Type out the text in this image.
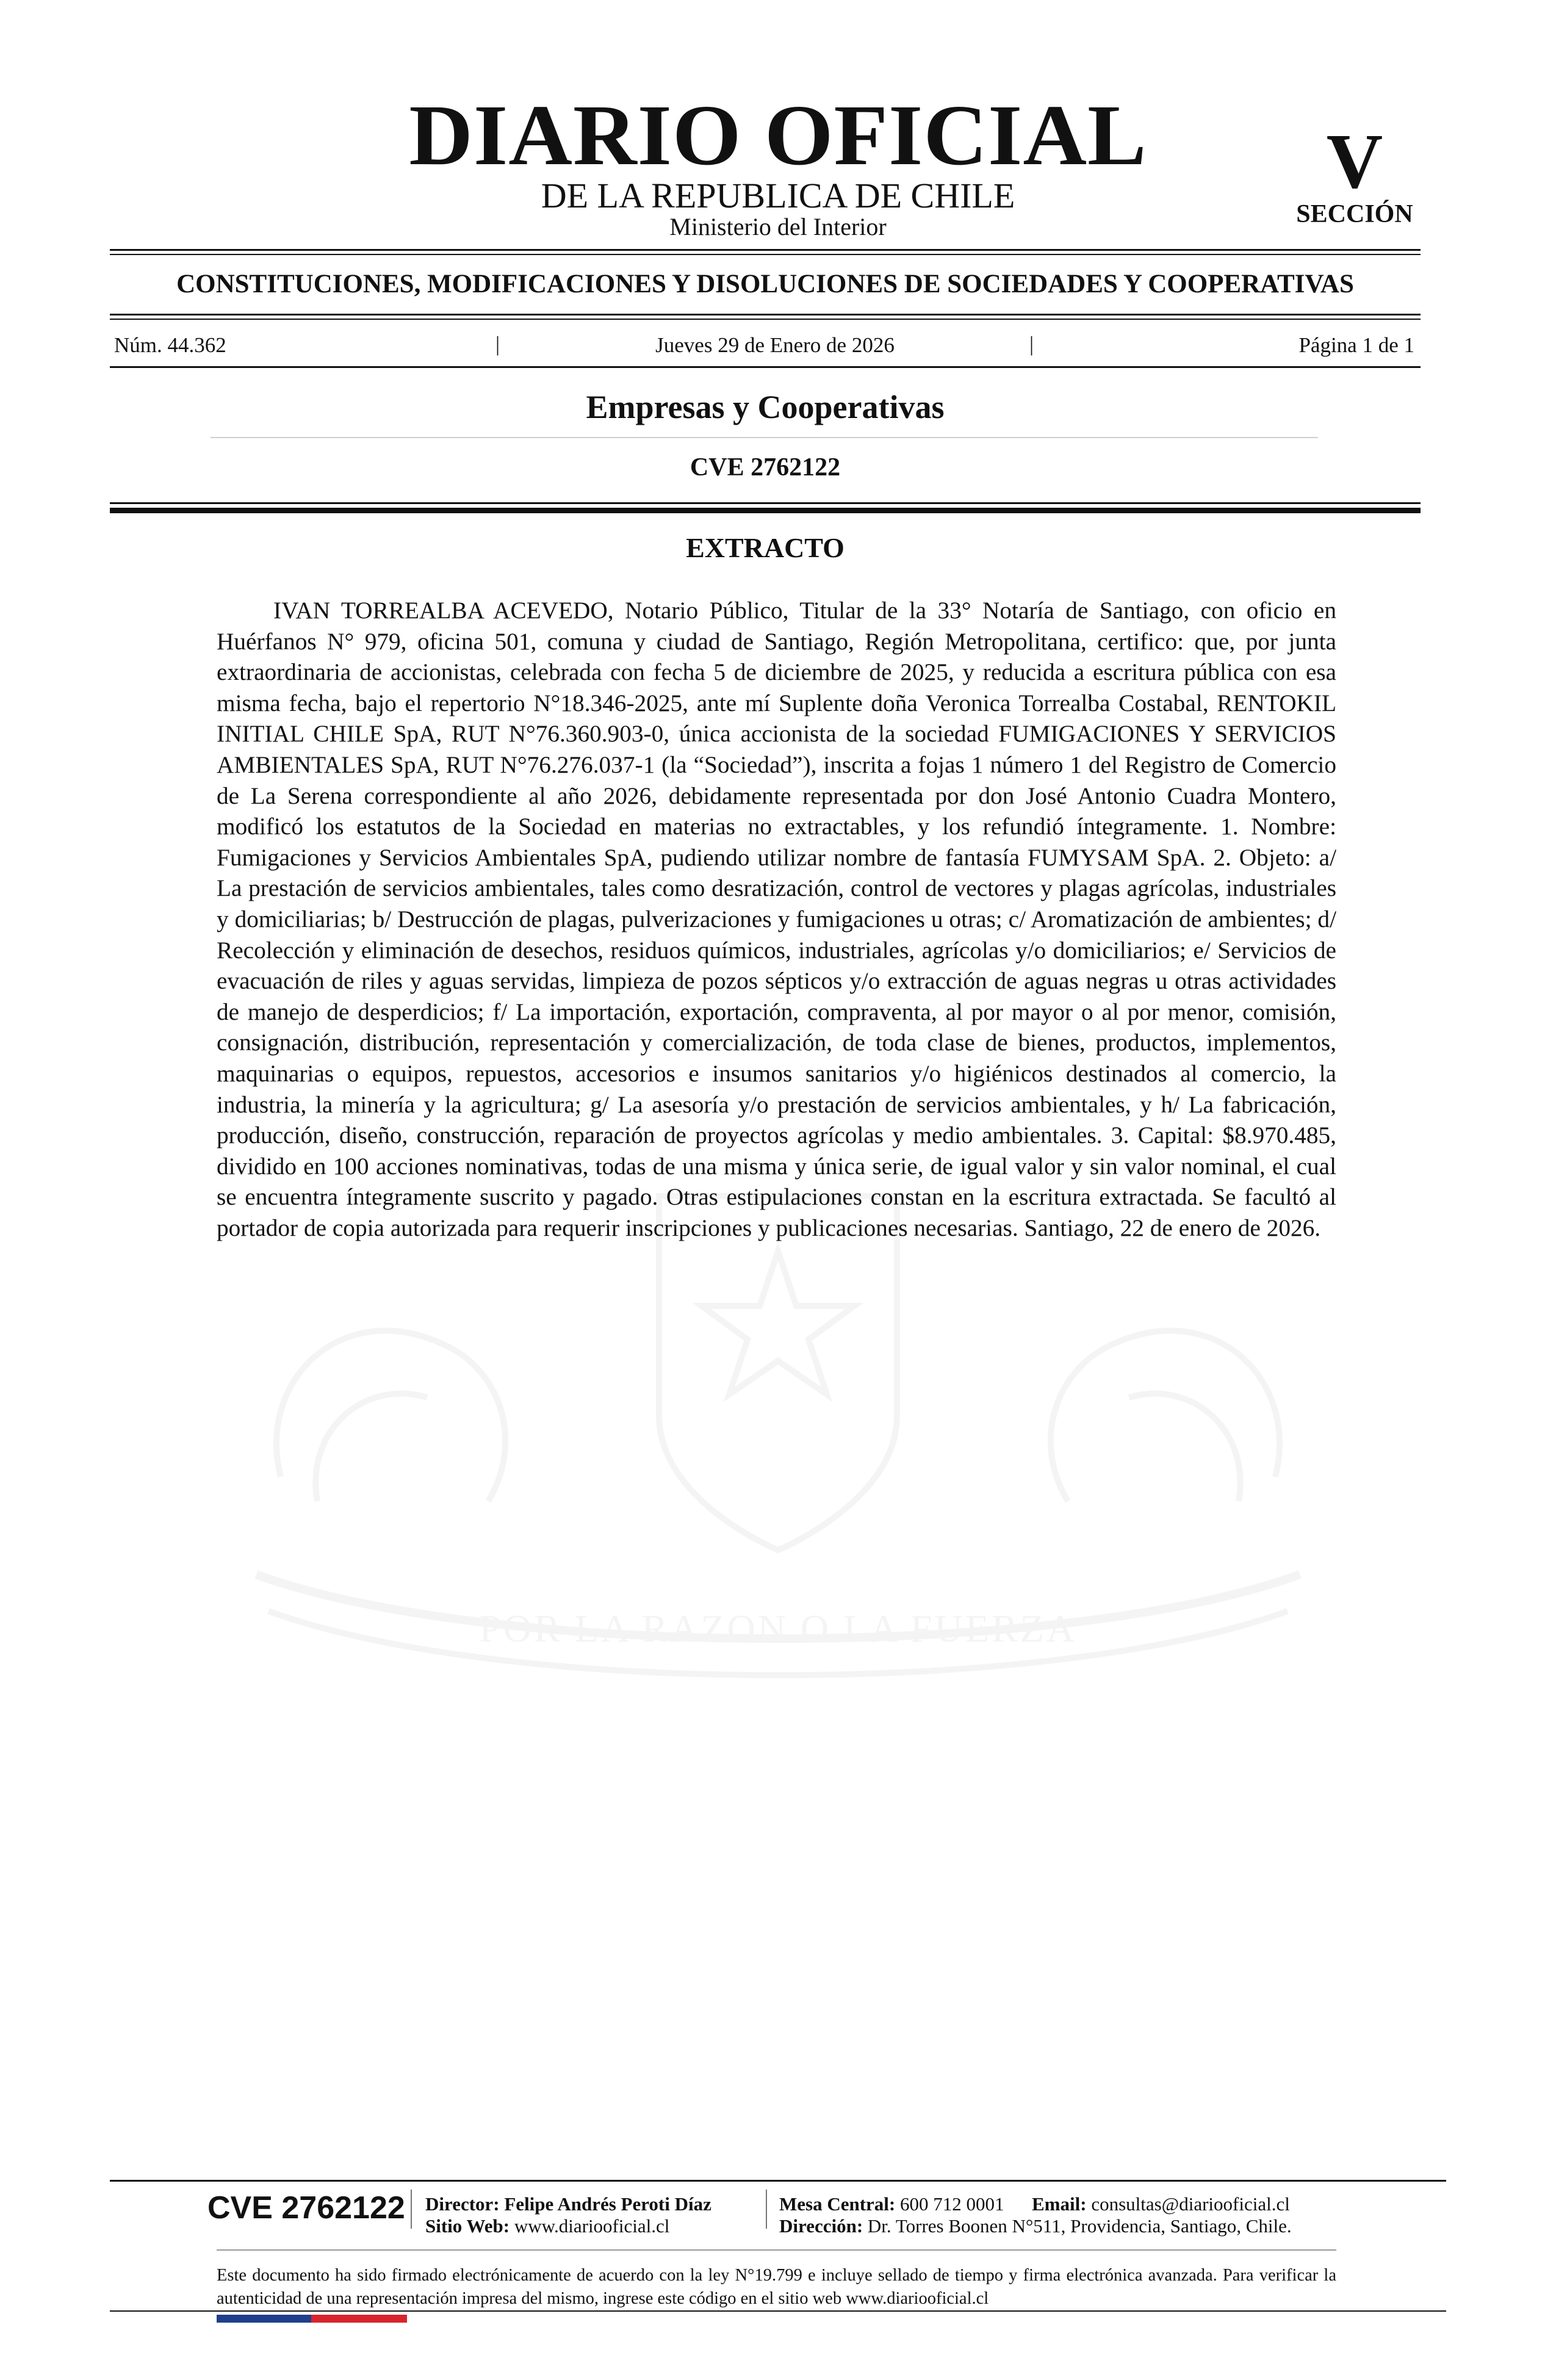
DIARIO OFICIAL
DE LA REPUBLICA DE CHILE
Ministerio del Interior
V
SECCIÓN
CONSTITUCIONES, MODIFICACIONES Y DISOLUCIONES DE SOCIEDADES Y COOPERATIVAS
Núm. 44.362	|	Jueves 29 de Enero de 2026	|	Página 1 de 1
Empresas y Cooperativas
CVE 2762122
EXTRACTO
POR LA RAZON O LA FUERZA
IVAN TORREALBA ACEVEDO, Notario Público, Titular de la 33° Notaría de Santiago, con oficio en Huérfanos N° 979, oficina 501, comuna y ciudad de Santiago, Región Metropolitana, certifico: que, por junta extraordinaria de accionistas, celebrada con fecha 5 de diciembre de 2025, y reducida a escritura pública con esa misma fecha, bajo el repertorio N°18.346-2025, ante mí Suplente doña Veronica Torrealba Costabal, RENTOKIL INITIAL CHILE SpA, RUT N°76.360.903-0, única accionista de la sociedad FUMIGACIONES Y SERVICIOS AMBIENTALES SpA, RUT N°76.276.037-1 (la “Sociedad”), inscrita a fojas 1 número 1 del Registro de Comercio de La Serena correspondiente al año 2026, debidamente representada por don José Antonio Cuadra Montero, modificó los estatutos de la Sociedad en materias no extractables, y los refundió íntegramente. 1. Nombre: Fumigaciones y Servicios Ambientales SpA, pudiendo utilizar nombre de fantasía FUMYSAM SpA. 2. Objeto: a/ La prestación de servicios ambientales, tales como desratización, control de vectores y plagas agrícolas, industriales y domiciliarias; b/ Destrucción de plagas, pulverizaciones y fumigaciones u otras; c/ Aromatización de ambientes; d/ Recolección y eliminación de desechos, residuos químicos, industriales, agrícolas y/o domiciliarios; e/ Servicios de evacuación de riles y aguas servidas, limpieza de pozos sépticos y/o extracción de aguas negras u otras actividades de manejo de desperdicios; f/ La importación, exportación, compraventa, al por mayor o al por menor, comisión, consignación, distribución, representación y comercialización, de toda clase de bienes, productos, implementos, maquinarias o equipos, repuestos, accesorios e insumos sanitarios y/o higiénicos destinados al comercio, la industria, la minería y la agricultura; g/ La asesoría y/o prestación de servicios ambientales, y h/ La fabricación, producción, diseño, construcción, reparación de proyectos agrícolas y medio ambientales. 3. Capital: $8.970.485, dividido en 100 acciones nominativas, todas de una misma y única serie, de igual valor y sin valor nominal, el cual se encuentra íntegramente suscrito y pagado. Otras estipulaciones constan en la escritura extractada. Se facultó al portador de copia autorizada para requerir inscripciones y publicaciones necesarias. Santiago, 22 de enero de 2026.
CVE 2762122 Director: Felipe Andrés Peroti Díaz
Sitio Web: www.diariooficial.cl
Mesa Central: 600 712 0001 Email: consultas@diariooficial.cl
Dirección: Dr. Torres Boonen N°511, Providencia, Santiago, Chile.
Este documento ha sido firmado electrónicamente de acuerdo con la ley N°19.799 e incluye sellado de tiempo y firma electrónica avanzada. Para verificar la autenticidad de una representación impresa del mismo, ingrese este código en el sitio web www.diariooficial.cl
